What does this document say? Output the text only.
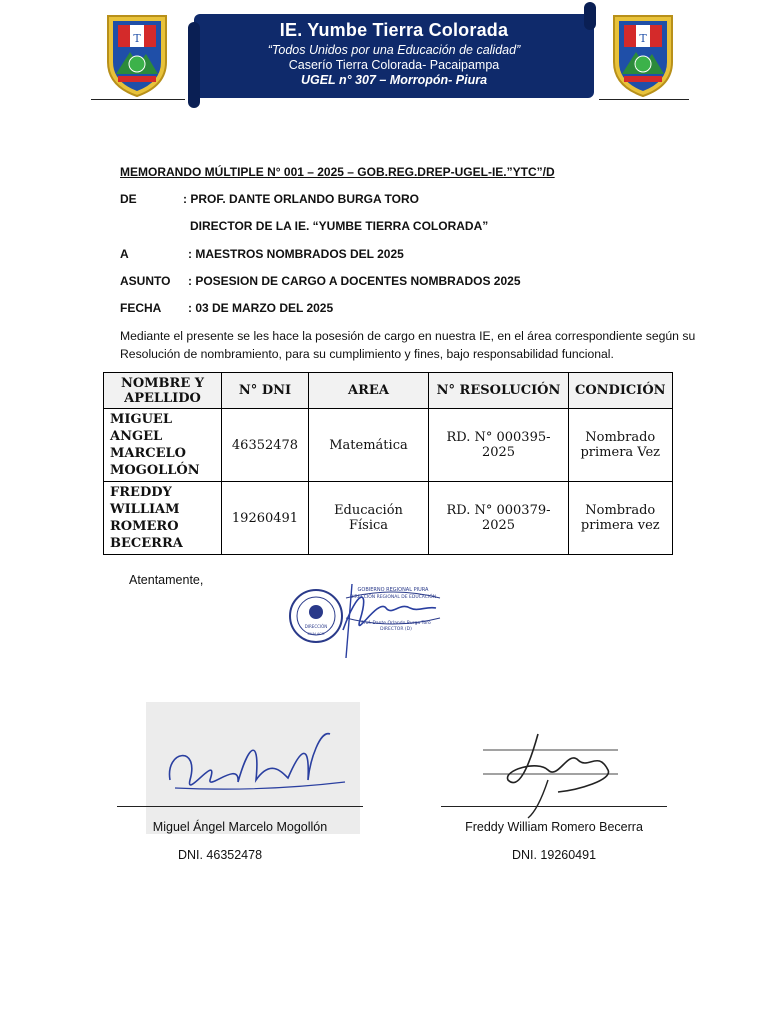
T	T
IE. Yumbe Tierra Colorada
“Todos Unidos por una Educación de calidad”
Caserío Tierra Colorada- Pacaipampa
UGEL n° 307 – Morropón- Piura
MEMORANDO MÚLTIPLE N° 001 – 2025 – GOB.REG.DREP-UGEL-IE.”YTC”/D
DE	: PROF. DANTE ORLANDO BURGA TORO
DIRECTOR DE LA IE. “YUMBE TIERRA COLORADA”
A	: MAESTROS NOMBRADOS DEL 2025
ASUNTO : POSESION DE CARGO A DOCENTES NOMBRADOS 2025
FECHA : 03 DE MARZO DEL 2025
Mediante el presente se les hace la posesión de cargo en nuestra IE, en el área correspondiente según su Resolución de nombramiento, para su cumplimiento y fines, bajo responsabilidad funcional.
NOMBRE Y APELLIDO	N° DNI	AREA	N° RESOLUCIÓN	CONDICIÓN
MIGUEL ANGEL MARCELO MOGOLLÓN	46352478	Matemática	RD. N° 000395-2025	Nombrado primera Vez
FREDDY WILLIAM ROMERO BECERRA	19260491	Educación Física	RD. N° 000379-2025	Nombrado primera vez
Atentamente,
DIRECCIÓN
CHALACO
GOBIERNO REGIONAL PIURA
DIRECCIÓN REGIONAL DE EDUCACIÓN
Prof. Dante Orlando Burga Toro
DIRECTOR (D)
Miguel Ángel Marcelo Mogollón
DNI. 46352478
Freddy William Romero Becerra
DNI. 19260491
